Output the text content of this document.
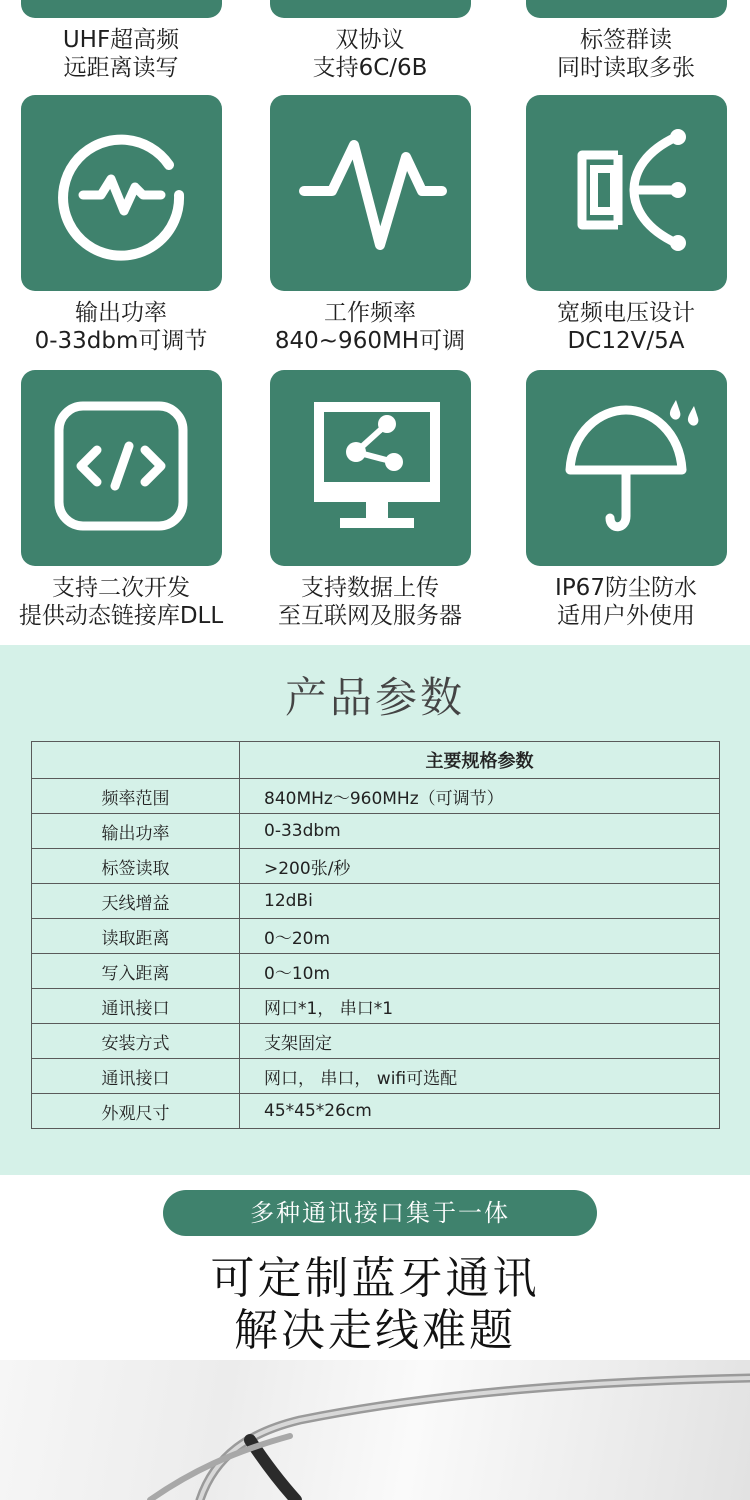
UHF超高频
远距离读写
双协议
支持6C/6B
标签群读
同时读取多张
输出功率
0-33dbm可调节
工作频率
840~960MH可调
宽频电压设计
DC12V/5A
支持二次开发
提供动态链接库DLL
支持数据上传
至互联网及服务器
IP67防尘防水
适用户外使用
产品参数
	主要规格参数
频率范围	840MHz～960MHz（可调节）
输出功率	0-33dbm
标签读取	>200张/秒
天线增益	12dBi
读取距离	0～20m
写入距离	0～10m
通讯接口	网口*1， 串口*1
安装方式	支架固定
通讯接口	网口， 串口， wifi可选配
外观尺寸	45*45*26cm
多种通讯接口集于一体
可定制蓝牙通讯
解决走线难题
